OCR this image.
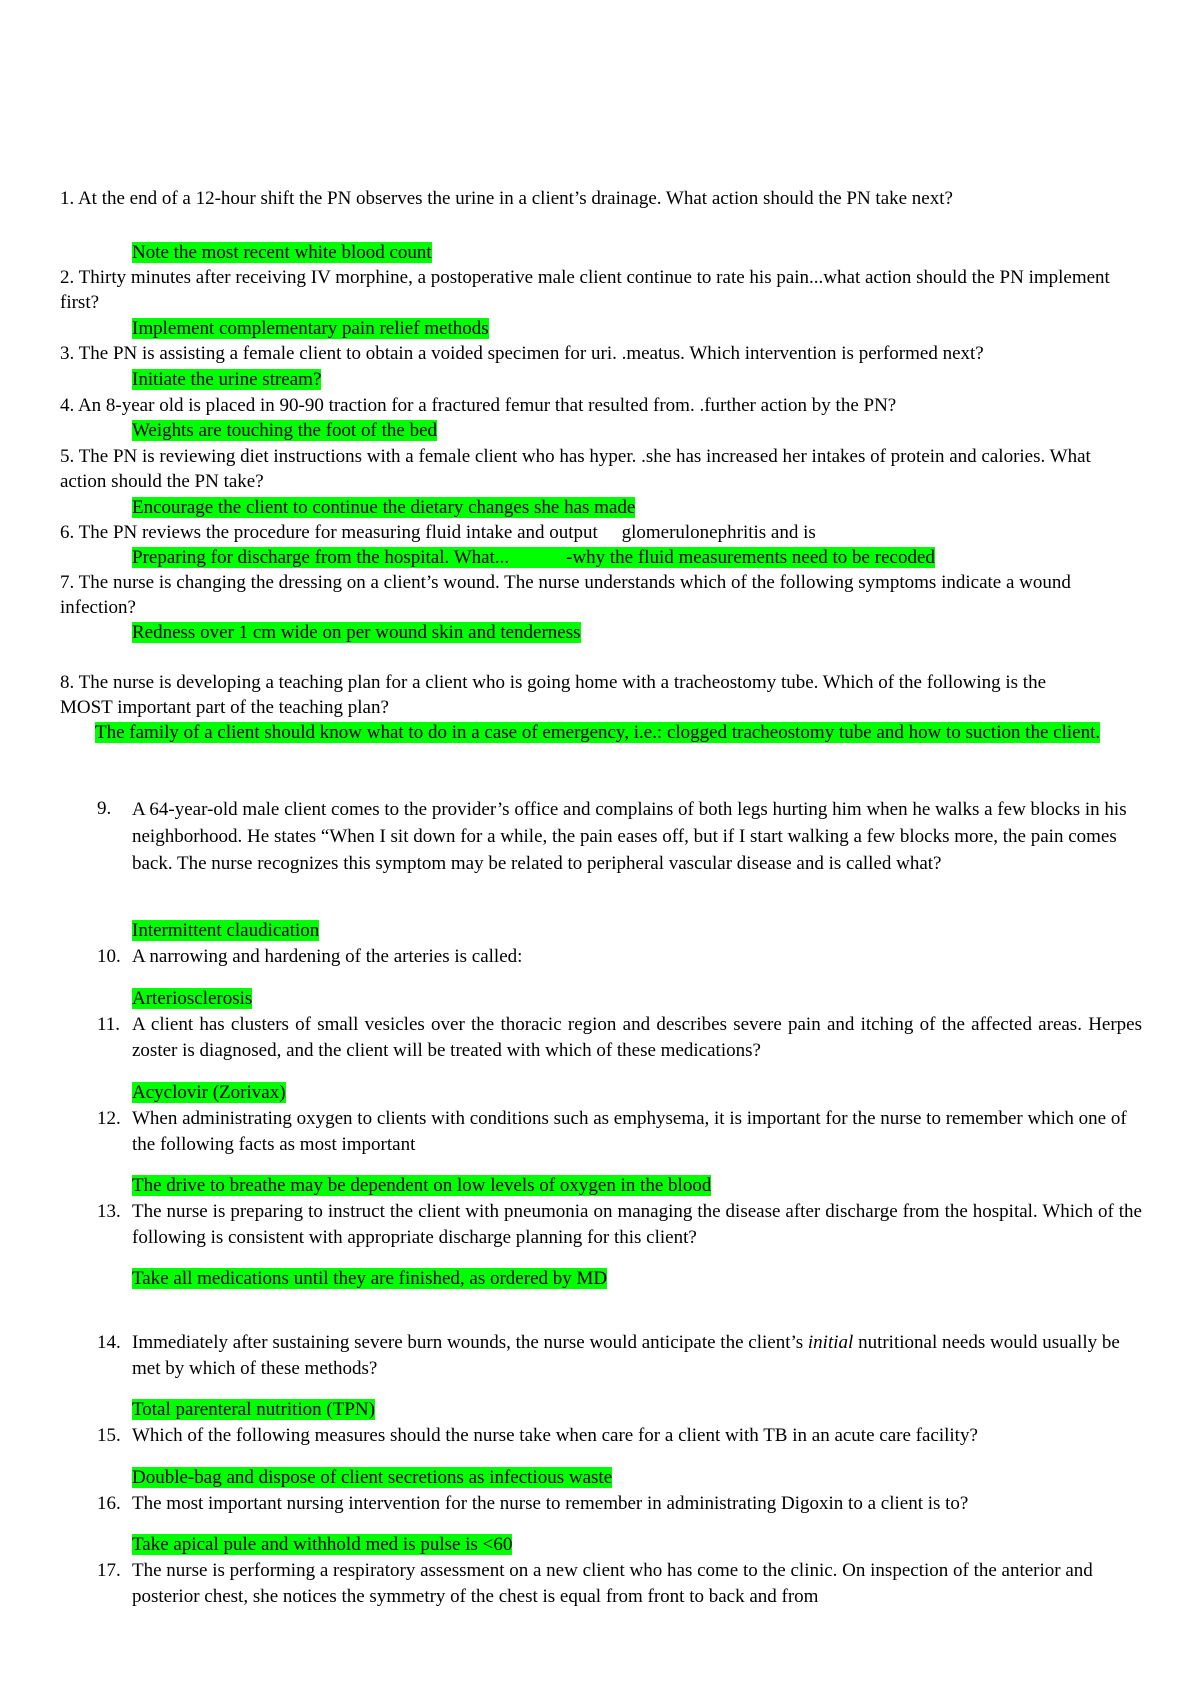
1. At the end of a 12-hour shift the PN observes the urine in a client’s drainage. What action should the PN take next?

Note the most recent white blood count

2. Thirty minutes after receiving IV morphine, a postoperative male client continue to rate his pain...what action should the PN implement first?

Implement complementary pain relief methods

3. The PN is assisting a female client to obtain a voided specimen for uri. .meatus. Which intervention is performed next?

Initiate the urine stream?

4. An 8-year old is placed in 90-90 traction for a fractured femur that resulted from. .further action by the PN?

Weights are touching the foot of the bed

5. The PN is reviewing diet instructions with a female client who has hyper. .she has increased her intakes of protein and calories. What action should the PN take?

Encourage the client to continue the dietary changes she has made

6. The PN reviews the procedure for measuring fluid intake and output     glomerulonephritis and is

Preparing for discharge from the hospital. What...            -why the fluid measurements need to be recoded

7. The nurse is changing the dressing on a client’s wound. The nurse understands which of the following symptoms indicate a wound infection?

Redness over 1 cm wide on per wound skin and tenderness

8. The nurse is developing a teaching plan for a client who is going home with a tracheostomy tube. Which of the following is the MOST important part of the teaching plan?

The family of a client should know what to do in a case of emergency, i.e.: clogged tracheostomy tube and how to suction the client.

9. A 64-year-old male client comes to the provider’s office and complains of both legs hurting him when he walks a few blocks in his neighborhood. He states “When I sit down for a while, the pain eases off, but if I start walking a few blocks more, the pain comes back. The nurse recognizes this symptom may be related to peripheral vascular disease and is called what?

Intermittent claudication

10. A narrowing and hardening of the arteries is called:

Arteriosclerosis

11. A client has clusters of small vesicles over the thoracic region and describes severe pain and itching of the affected areas. Herpes zoster is diagnosed, and the client will be treated with which of these medications?

Acyclovir (Zorivax)

12. When administrating oxygen to clients with conditions such as emphysema, it is important for the nurse to remember which one of the following facts as most important

The drive to breathe may be dependent on low levels of oxygen in the blood

13. The nurse is preparing to instruct the client with pneumonia on managing the disease after discharge from the hospital. Which of the following is consistent with appropriate discharge planning for this client?

Take all medications until they are finished, as ordered by MD

14. Immediately after sustaining severe burn wounds, the nurse would anticipate the client’s initial nutritional needs would usually be met by which of these methods?

Total parenteral nutrition (TPN)

15. Which of the following measures should the nurse take when care for a client with TB in an acute care facility?

Double-bag and dispose of client secretions as infectious waste

16. The most important nursing intervention for the nurse to remember in administrating Digoxin to a client is to?

Take apical pule and withhold med is pulse is <60

17. The nurse is performing a respiratory assessment on a new client who has come to the clinic. On inspection of the anterior and posterior chest, she notices the symmetry of the chest is equal from front to back and from
